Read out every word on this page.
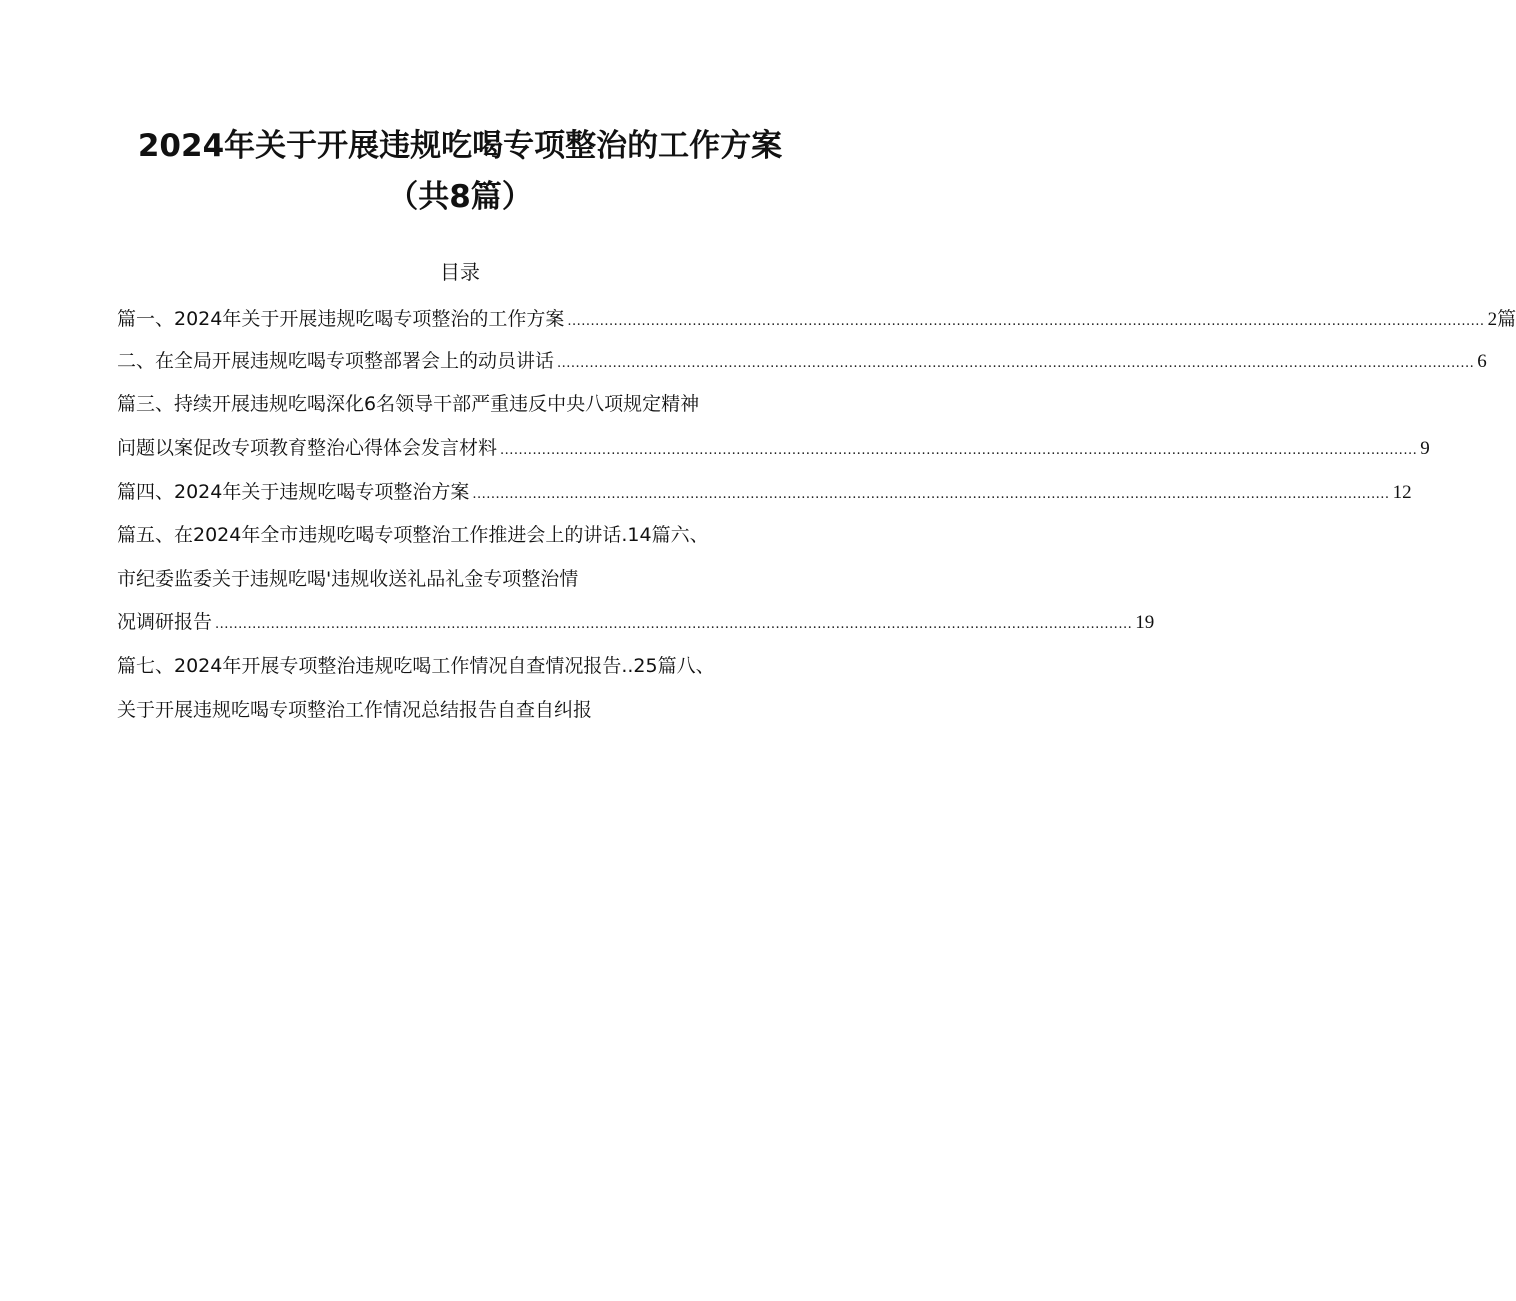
2024年关于开展违规吃喝专项整治的工作方案
（共8篇）
目录
篇一、2024年关于开展违规吃喝专项整治的工作方案 ...................................................................................................................................................................................................... 2篇
二、在全局开展违规吃喝专项整部署会上的动员讲话 ...................................................................................................................................................................................................... 6
篇三、持续开展违规吃喝深化6名领导干部严重违反中央八项规定精神
问题以案促改专项教育整治心得体会发言材料 ...................................................................................................................................................................................................... 9
篇四、2024年关于违规吃喝专项整治方案 ...................................................................................................................................................................................................... 12
篇五、在2024年全市违规吃喝专项整治工作推进会上的讲话.14篇六、
市纪委监委关于违规吃喝'违规收送礼品礼金专项整治情
况调研报告 ...................................................................................................................................................................................................... 19
篇七、2024年开展专项整治违规吃喝工作情况自查情况报告..25篇八、
关于开展违规吃喝专项整治工作情况总结报告自查自纠报
